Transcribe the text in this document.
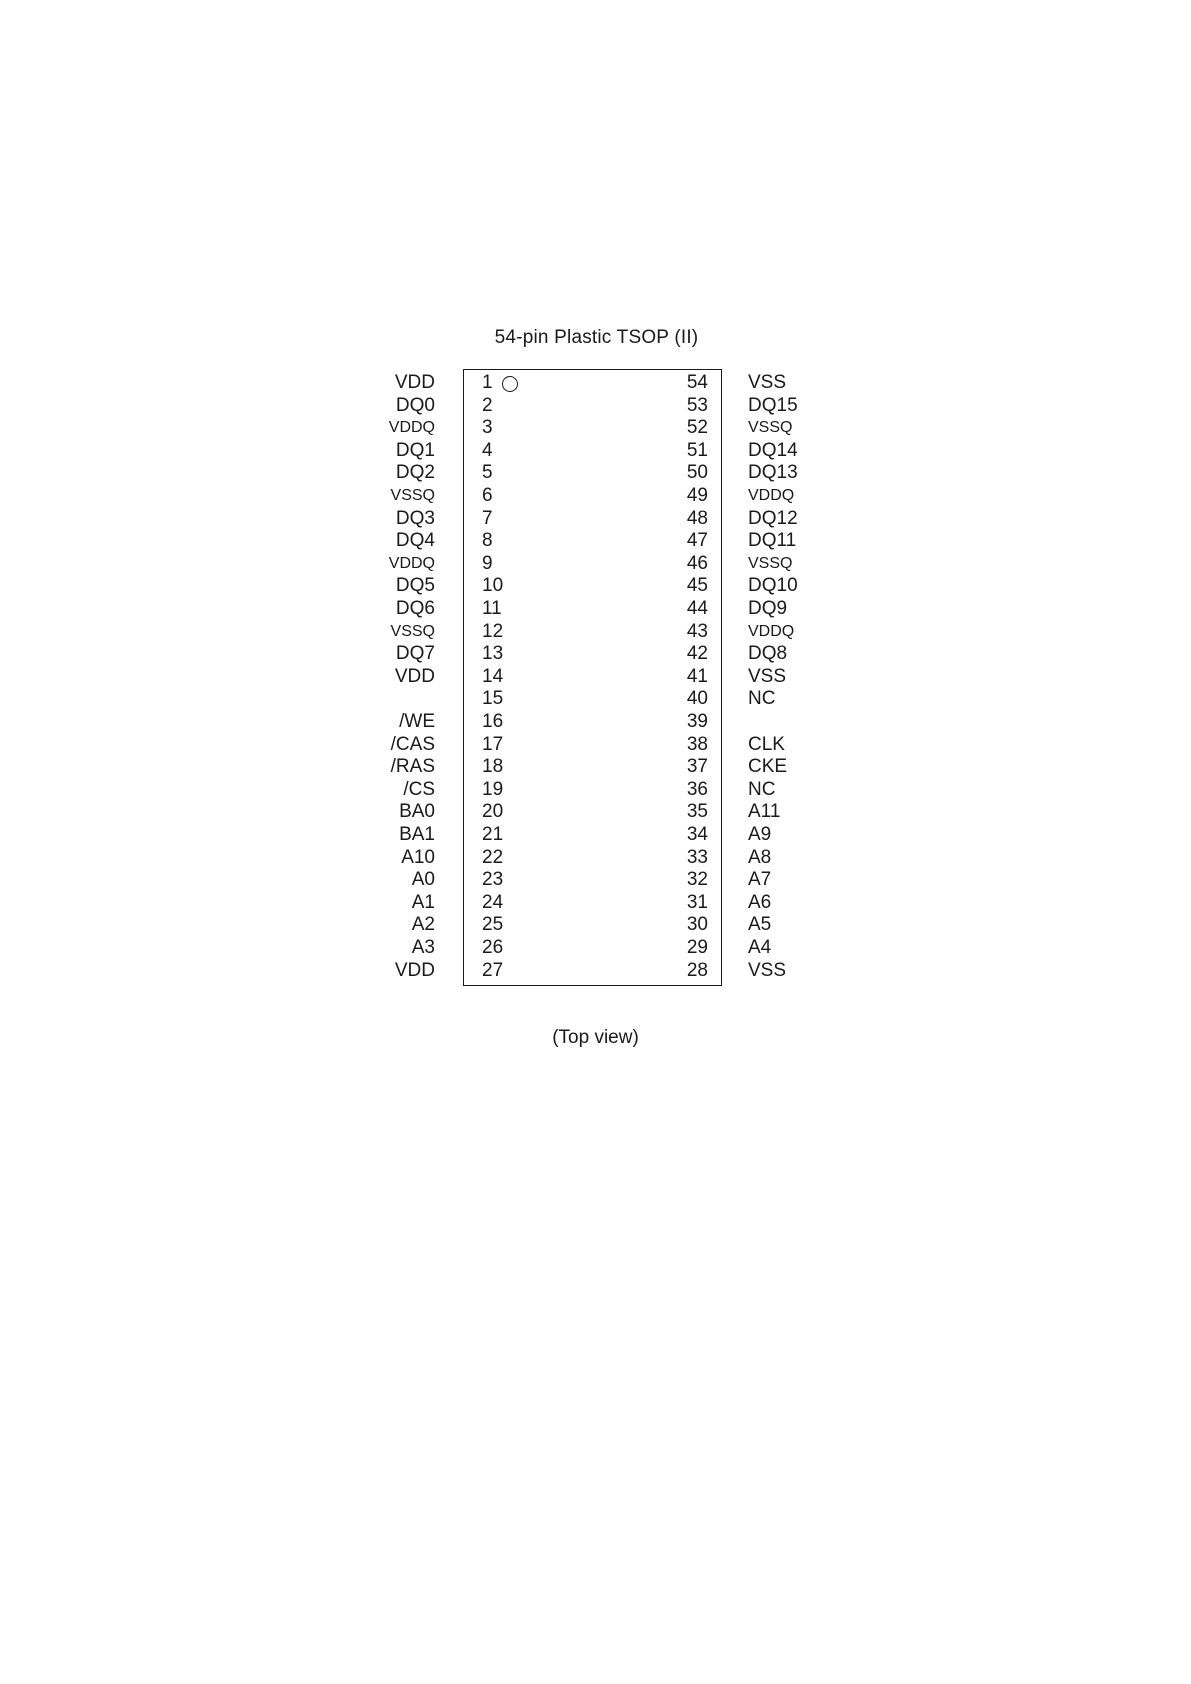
54-pin Plastic TSOP (II)
VDD 1	54 VSS
DQ0 2	53 DQ15
VDDQ 3	52	VSSQ
DQ1 4	51 DQ14
DQ2 5	50 DQ13
VSSQ 6	49	VDDQ
DQ3 7	48 DQ12
DQ4 8	47 DQ11
VDDQ 9	46	VSSQ
DQ5 10	45 DQ10
DQ6 11	44 DQ9
VSSQ 12	43	VDDQ
DQ7 13	42 DQ8
VDD 14	41 VSS
15	40 NC
/WE 16	39
/CAS 17	38 CLK
/RAS 18	37 CKE
/CS 19	36 NC
BA0 20	35 A11
BA1 21	34 A9
A10 22	33 A8
A0 23	32 A7
A1 24	31 A6
A2 25	30 A5
A3 26	29 A4
VDD 27	28 VSS
(Top view)
